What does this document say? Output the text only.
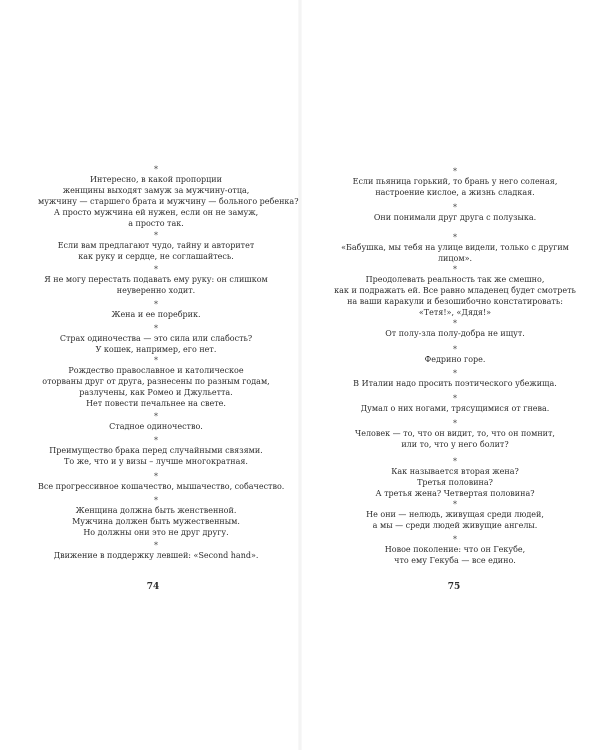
*
Интересно, в какой пропорции
женщины выходят замуж за мужчину-отца,
мужчину — старшего брата и мужчину — больного ребенка?
А просто мужчина ей нужен, если он не замуж,
а просто так.
*
Если вам предлагают чудо, тайну и авторитет
как руку и сердце, не соглашайтесь.
*
Я не могу перестать подавать ему руку: он слишком
неуверенно ходит.
*
Жена и ее поребрик.
*
Страх одиночества — это сила или слабость?
У кошек, например, его нет.
*
Рождество православное и католическое
оторваны друг от друга, разнесены по разным годам,
разлучены, как Ромео и Джульетта.
Нет повести печальнее на свете.
*
Стадное одиночество.
*
Преимущество брака перед случайными связями.
То же, что и у визы – лучше многократная.
*
Все прогрессивное кошачество, мышачество, собачество.
*
Женщина должна быть женственной.
Мужчина должен быть мужественным.
Но должны они это не друг другу.
*
Движение в поддержку левшей: «Second hand».
74
*
Если пьяница горький, то брань у него соленая,
настроение кислое, а жизнь сладкая.
*
Они понимали друг друга с полузыка.
*
«Бабушка, мы тебя на улице видели, только с другим
лицом».
*
Преодолевать реальность так же смешно,
как и подражать ей. Все равно младенец будет смотреть
на ваши каракули и безошибочно констатировать:
«Тетя!», «Дядя!»
*
От полу-зла полу-добра не ищут.
*
Федрино горе.
*
В Италии надо просить поэтического убежища.
*
Думал о них ногами, трясущимися от гнева.
*
Человек — то, что он видит, то, что он помнит,
или то, что у него болит?
*
Как называется вторая жена?
Третья половина?
А третья жена? Четвертая половина?
*
Не они — нелюдь, живущая среди людей,
а мы — среди людей живущие ангелы.
*
Новое поколение: что он Гекубе,
что ему Гекуба — все едино.
75
